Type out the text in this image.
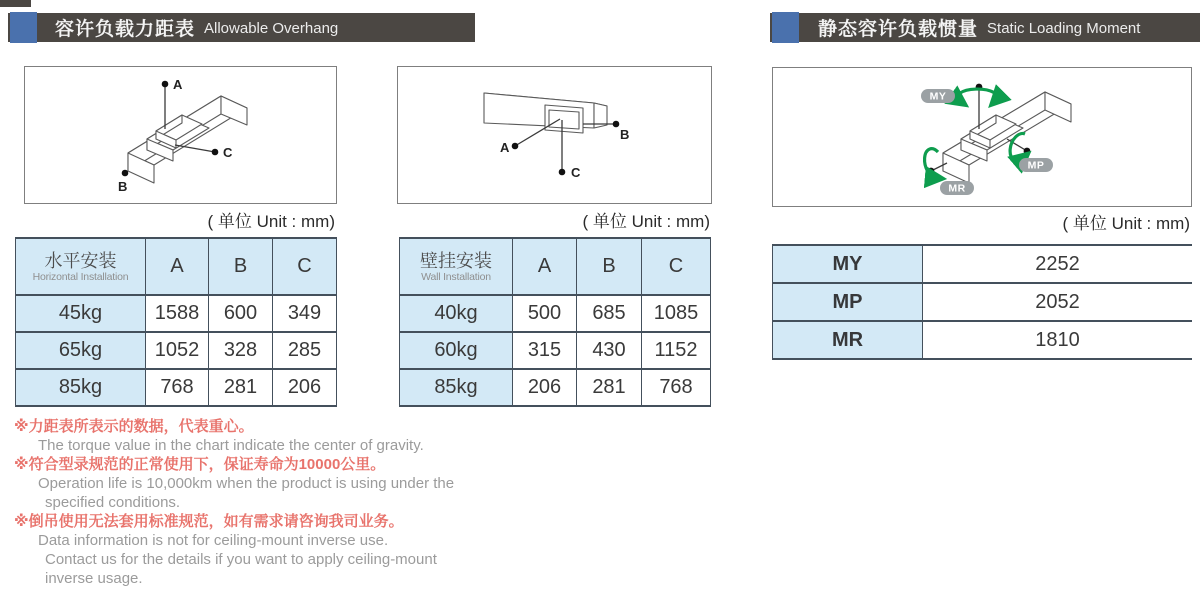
容许负载力距表 Allowable Overhang	静态容许负载惯量 Static Loading Moment
A
C
B
( 单位 Unit : mm)
A
C
B
( 单位 Unit : mm)
MY
MP
MR
( 单位 Unit : mm)
水平安装
Horizontal Installation	A	B	C
45kg	1588	600	349
65kg	1052	328	285
85kg	768	281	206
壁挂安装
Wall Installation	A	B	C
40kg	500	685	1085
60kg	315	430	1152
85kg	206	281	768
MY	2252
MP	2052
MR	1810
※力距表所表示的数据，代表重心。
The torque value in the chart indicate the center of gravity.
※符合型录规范的正常使用下，保证寿命为10000公里。
Operation life is 10,000km when the product is using under the
specified conditions.
※倒吊使用无法套用标准规范，如有需求请咨询我司业务。
Data information is not for ceiling-mount inverse use.
Contact us for the details if you want to apply ceiling-mount
inverse usage.
